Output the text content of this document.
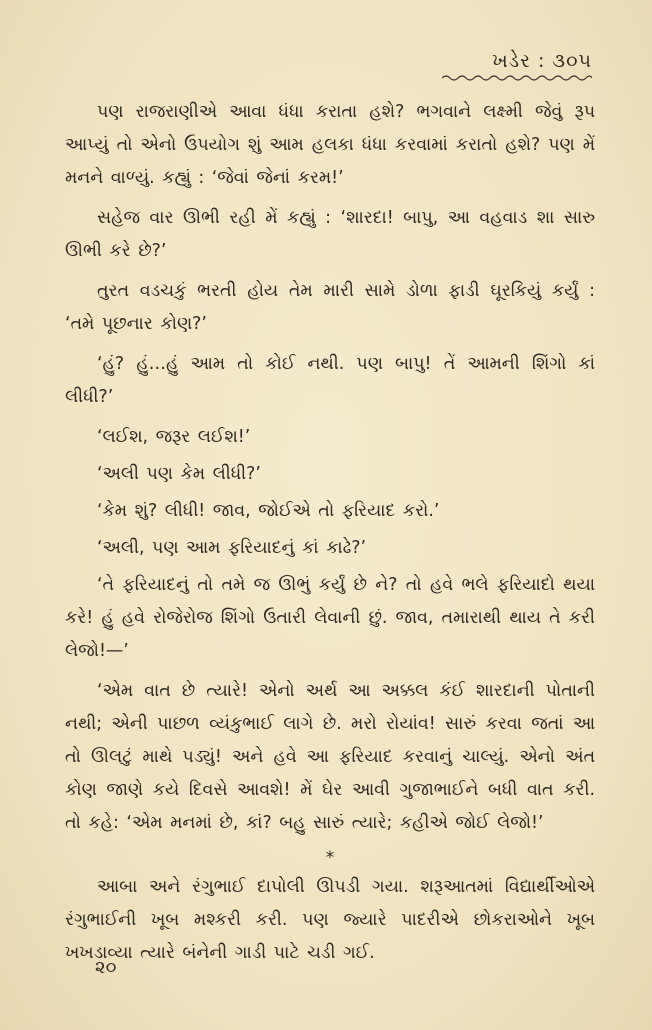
ખડેર : ૩૦૫

પણ રાજરાણીએ આવા ધંધા કરાતા હશે? ભગવાને લક્ષ્મી જેવું રૂપ આપ્યું તો એનો ઉપયોગ શું આમ હલકા ધંધા કરવામાં કરાતો હશે? પણ મેં મનને વાળ્યું. કહ્યું : ‘જેવાં જેનાં કરમ!’

સહેજ વાર ઊભી રહી મેં કહ્યું : ‘શારદા! બાપુ, આ વહવાડ શા સારુ ઊભી કરે છે?’

તુરત વડચકું ભરતી હોય તેમ મારી સામે ડોળા ફાડી ઘૂરકિયું કર્યું : ‘તમે પૂછનાર કોણ?’

‘હું? હું…હું આમ તો કોઈ નથી. પણ બાપુ! તેં આમની શિંગો કાં લીધી?’

‘લઈશ, જરૂર લઈશ!’

‘અલી પણ કેમ લીધી?’

‘કેમ શું? લીધી! જાવ, જોઈએ તો ફરિયાદ કરો.’

‘અલી, પણ આમ ફરિયાદનું કાં કાઢે?’

‘તે ફરિયાદનું તો તમે જ ઊભું કર્યું છે ને? તો હવે ભલે ફરિયાદો થયા કરે! હું હવે રોજેરોજ શિંગો ઉતારી લેવાની છું. જાવ, તમારાથી થાય તે કરી લેજો!—’

‘એમ વાત છે ત્યારે! એનો અર્થ આ અક્કલ કંઈ શારદાની પોતાની નથી; એની પાછળ વ્યંકુભાઈ લાગે છે. મરો રોયાંવ! સારું કરવા જતાં આ તો ઊલટું માથે પડ્યું! અને હવે આ ફરિયાદ કરવાનું ચાલ્યું. એનો અંત કોણ જાણે કયે દિવસે આવશે! મેં ઘેર આવી ગુજાભાઈને બધી વાત કરી. તો કહે: ‘એમ મનમાં છે, કાં? બહુ સારું ત્યારે; કહીએ જોઈ લેજો!’

*

આબા અને રંગુભાઈ દાપોલી ઊપડી ગયા. શરૂઆતમાં વિદ્યાર્થીઓએ રંગુભાઈની ખૂબ મશ્કરી કરી. પણ જ્યારે પાદરીએ છોકરાઓને ખૂબ ખખડાવ્યા ત્યારે બંનેની ગાડી પાટે ચડી ગઈ.

૨૦
